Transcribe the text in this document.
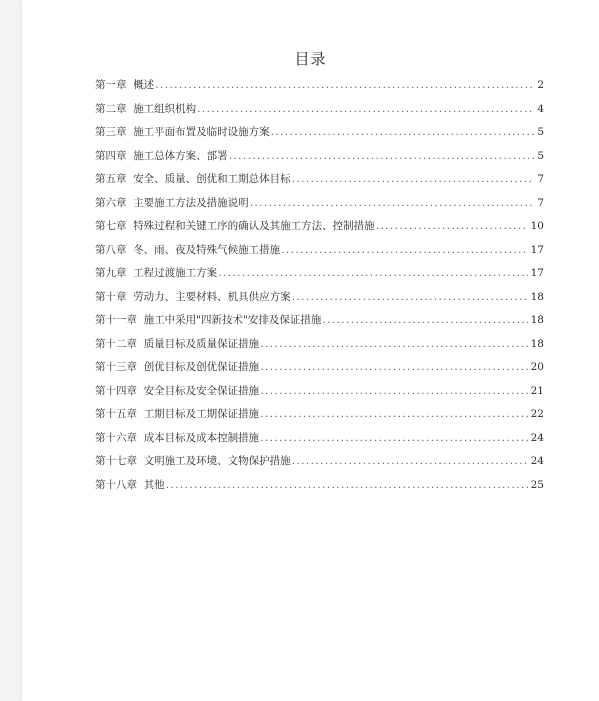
目录
第一章 概述 .....	2
第二章 施工组织机构 .....	4
第三章 施工平面布置及临时设施方案 .....	5
第四章 施工总体方案、部署 .....	5
第五章 安全、质量、创优和工期总体目标 .....	7
第六章 主要施工方法及措施说明 .....	7
第七章 特殊过程和关键工序的确认及其施工方法、控制措施 .....	10
第八章 冬、雨、夜及特殊气候施工措施 .....	17
第九章 工程过渡施工方案 .....	17
第十章 劳动力、主要材料、机具供应方案 .....	18
第十一章 施工中采用"四新技术"安排及保证措施 .....	18
第十二章 质量目标及质量保证措施 .....	18
第十三章 创优目标及创优保证措施 .....	20
第十四章 安全目标及安全保证措施 .....	21
第十五章 工期目标及工期保证措施 .....	22
第十六章 成本目标及成本控制措施 .....	24
第十七章 文明施工及环境、文物保护措施 .....	24
第十八章 其他 .....	25
